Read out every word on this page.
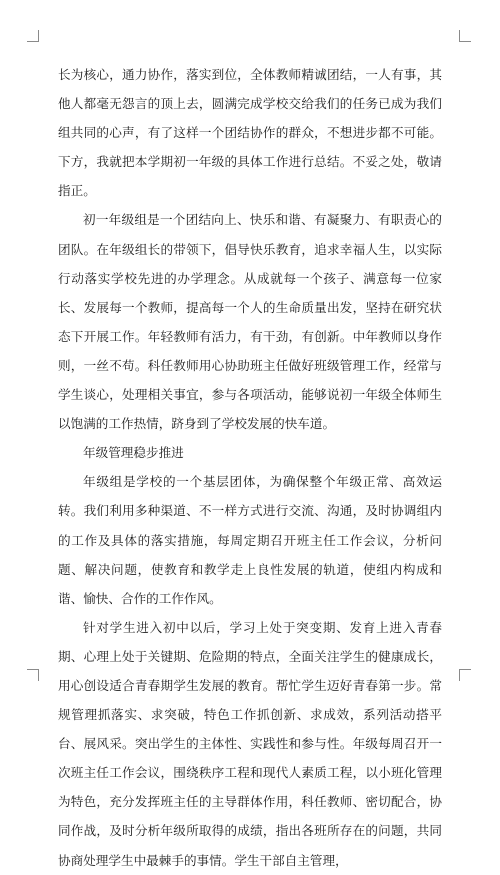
长为核心，通力协作，落实到位，全体教师精诚团结，一人有事，其他人都毫无怨言的顶上去，圆满完成学校交给我们的任务已成为我们组共同的心声，有了这样一个团结协作的群众，不想进步都不可能。下方，我就把本学期初一年级的具体工作进行总结。不妥之处，敬请指正。

初一年级组是一个团结向上、快乐和谐、有凝聚力、有职责心的团队。在年级组长的带领下，倡导快乐教育，追求幸福人生，以实际行动落实学校先进的办学理念。从成就每一个孩子、满意每一位家长、发展每一个教师，提高每一个人的生命质量出发，坚持在研究状态下开展工作。年轻教师有活力，有干劲，有创新。中年教师以身作则，一丝不苟。科任教师用心协助班主任做好班级管理工作，经常与学生谈心，处理相关事宜，参与各项活动，能够说初一年级全体师生以饱满的工作热情，跻身到了学校发展的快车道。

年级管理稳步推进

年级组是学校的一个基层团体，为确保整个年级正常、高效运转。我们利用多种渠道、不一样方式进行交流、沟通，及时协调组内的工作及具体的落实措施，每周定期召开班主任工作会议，分析问题、解决问题，使教育和教学走上良性发展的轨道，使组内构成和谐、愉快、合作的工作作风。

针对学生进入初中以后，学习上处于突变期、发育上进入青春期、心理上处于关键期、危险期的特点，全面关注学生的健康成长，用心创设适合青春期学生发展的教育。帮忙学生迈好青春第一步。常规管理抓落实、求突破，特色工作抓创新、求成效，系列活动搭平台、展风采。突出学生的主体性、实践性和参与性。年级每周召开一次班主任工作会议，围绕秩序工程和现代人素质工程，以小班化管理为特色，充分发挥班主任的主导群体作用，科任教师、密切配合，协同作战，及时分析年级所取得的成绩，指出各班所存在的问题，共同协商处理学生中最棘手的事情。学生干部自主管理，
